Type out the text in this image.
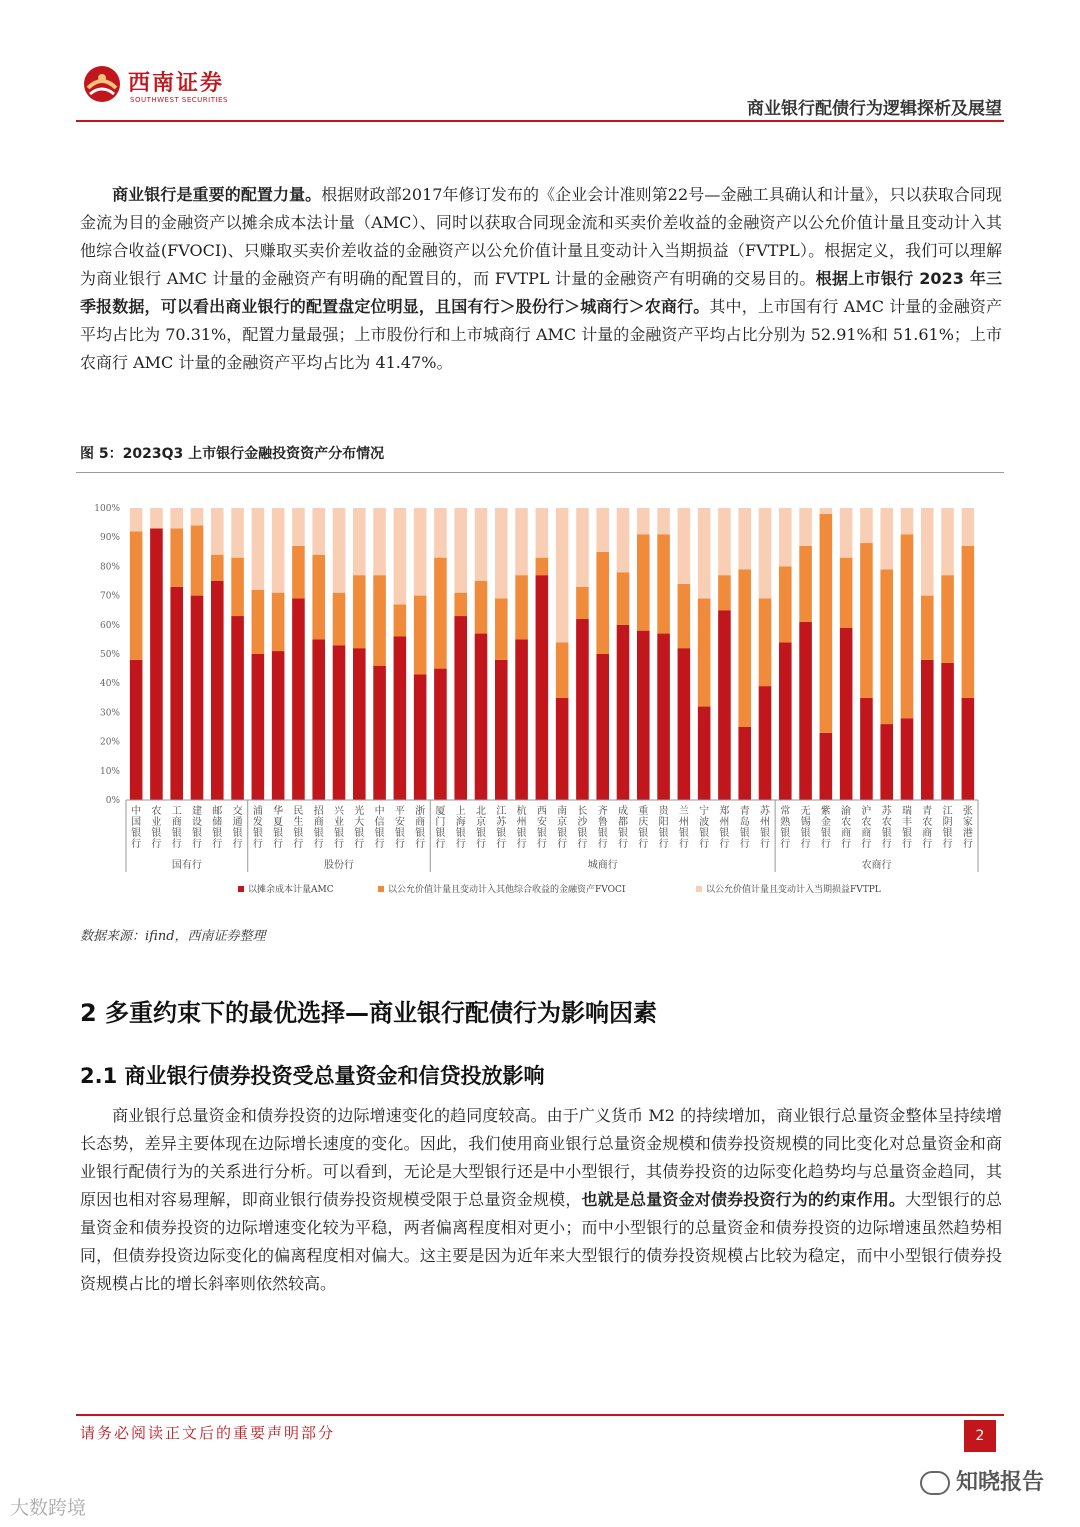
西南证券
SOUTHWEST SECURITIES	商业银行配债行为逻辑探析及展望
商业银行是重要的配置力量。根据财政部2017年修订发布的《企业会计准则第22号—金融工具确认和计量》，只以获取合同现金流为目的金融资产以摊余成本法计量（AMC）、同时以获取合同现金流和买卖价差收益的金融资产以公允价值计量且变动计入其他综合收益(FVOCI)、只赚取买卖价差收益的金融资产以公允价值计量且变动计入当期损益（FVTPL）。根据定义，我们可以理解为商业银行 AMC 计量的金融资产有明确的配置目的，而 FVTPL 计量的金融资产有明确的交易目的。根据上市银行 2023 年三季报数据，可以看出商业银行的配置盘定位明显，且国有行＞股份行＞城商行＞农商行。其中，上市国有行 AMC 计量的金融资产平均占比为 70.31%，配置力量最强；上市股份行和上市城商行 AMC 计量的金融资产平均占比分别为 52.91%和 51.61%；上市农商行 AMC 计量的金融资产平均占比为 41.47%。
图 5：2023Q3 上市银行金融投资资产分布情况
0%
10%
20%
30%
40%
50%
60%
70%
80%
90%
100%
中
国
银
行
农
业
银
行
工
商
银
行
建
设
银
行
邮
储
银
行
交
通
银
行
浦
发
银
行
华
夏
银
行
民
生
银
行
招
商
银
行
兴
业
银
行
光
大
银
行
中
信
银
行
平
安
银
行
浙
商
银
行
厦
门
银
行
上
海
银
行
北
京
银
行
江
苏
银
行
杭
州
银
行
西
安
银
行
南
京
银
行
长
沙
银
行
齐
鲁
银
行
成
都
银
行
重
庆
银
行
贵
阳
银
行
兰
州
银
行
宁
波
银
行
郑
州
银
行
青
岛
银
行
苏
州
银
行
常
熟
银
行
无
锡
银
行
紫
金
银
行
渝
农
商
行
沪
农
商
行
苏
农
银
行
瑞
丰
银
行
青
农
商
行
江
阴
银
行
张
家
港
行
国有行	股份行	城商行	农商行
以摊余成本计量AMC	以公允价值计量且变动计入其他综合收益的金融资产FVOCI	以公允价值计量且变动计入当期损益FVTPL
数据来源：ifind，西南证券整理
2 多重约束下的最优选择—商业银行配债行为影响因素
2.1 商业银行债券投资受总量资金和信贷投放影响
商业银行总量资金和债券投资的边际增速变化的趋同度较高。由于广义货币 M2 的持续增加，商业银行总量资金整体呈持续增长态势，差异主要体现在边际增长速度的变化。因此，我们使用商业银行总量资金规模和债券投资规模的同比变化对总量资金和商业银行配债行为的关系进行分析。可以看到，无论是大型银行还是中小型银行，其债券投资的边际变化趋势均与总量资金趋同，其原因也相对容易理解，即商业银行债券投资规模受限于总量资金规模，也就是总量资金对债券投资行为的约束作用。大型银行的总量资金和债券投资的边际增速变化较为平稳，两者偏离程度相对更小；而中小型银行的总量资金和债券投资的边际增速虽然趋势相同，但债券投资边际变化的偏离程度相对偏大。这主要是因为近年来大型银行的债券投资规模占比较为稳定，而中小型银行债券投资规模占比的增长斜率则依然较高。
请务必阅读正文后的重要声明部分	2
知晓报告
大数跨境
